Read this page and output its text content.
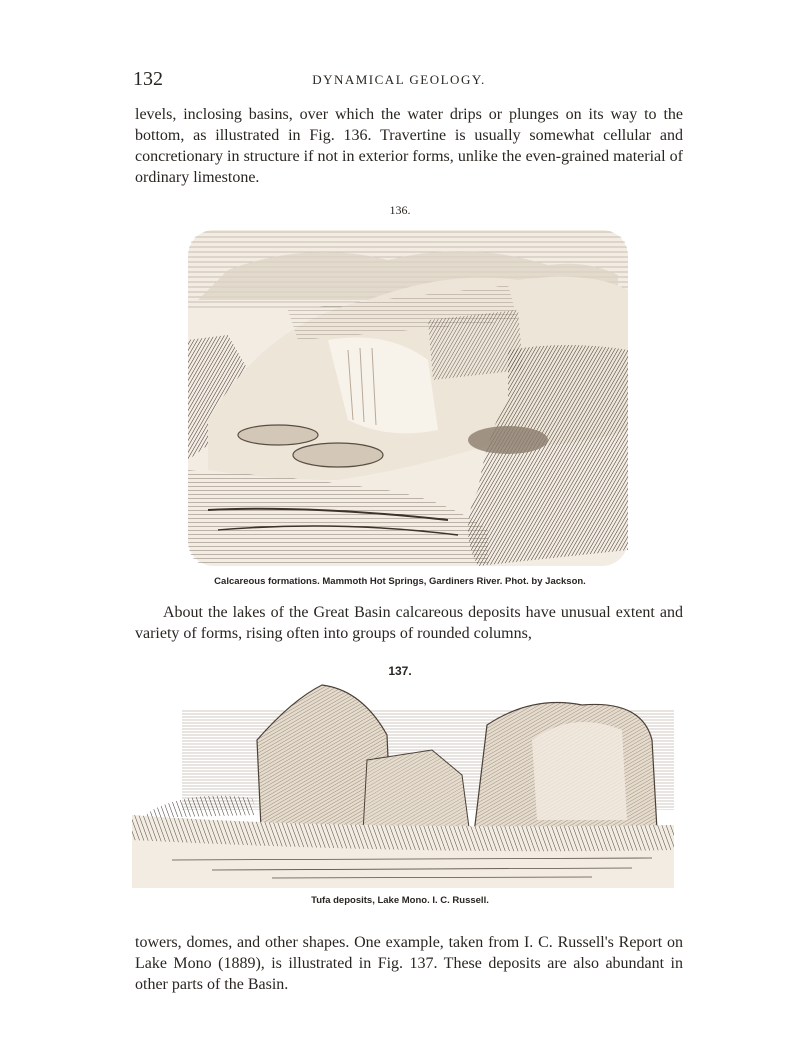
132	DYNAMICAL GEOLOGY.

levels, inclosing basins, over which the water drips or plunges on its way to the bottom, as illustrated in Fig. 136. Travertine is usually somewhat cellular and concretionary in structure if not in exterior forms, unlike the even-grained material of ordinary limestone.

136.
Calcareous formations. Mammoth Hot Springs, Gardiners River. Phot. by Jackson.

About the lakes of the Great Basin calcareous deposits have unusual extent and variety of forms, rising often into groups of rounded columns,

137.
Tufa deposits, Lake Mono. I. C. Russell.

towers, domes, and other shapes. One example, taken from I. C. Russell's Report on Lake Mono (1889), is illustrated in Fig. 137. These deposits are also abundant in other parts of the Basin.
